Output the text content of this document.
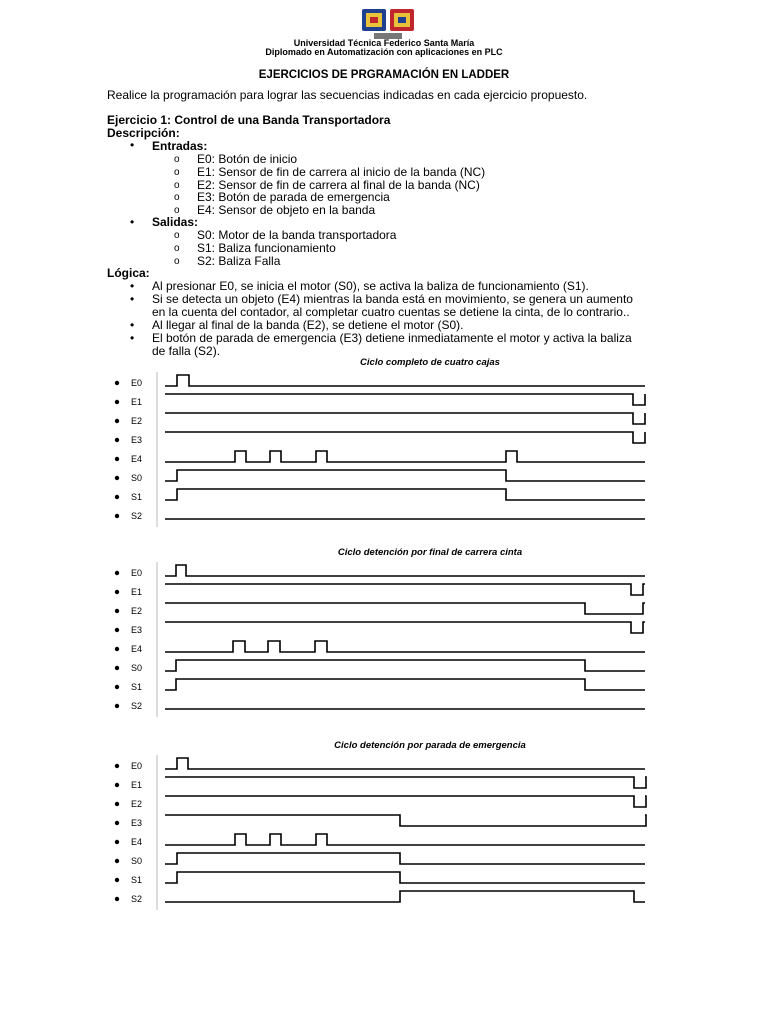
Universidad Técnica Federico Santa María
Diplomado en Automatización con aplicaciones en PLC
EJERCICIOS DE PRGRAMACIÓN EN LADDER
Realice la programación para lograr las secuencias indicadas en cada ejercicio propuesto.
Ejercicio 1: Control de una Banda Transportadora
Descripción:
• Entradas:
o E0: Botón de inicio
o E1: Sensor de fin de carrera al inicio de la banda (NC)
o E2: Sensor de fin de carrera al final de la banda (NC)
o E3: Botón de parada de emergencia
o E4: Sensor de objeto en la banda
• Salidas:
o S0: Motor de la banda transportadora
o S1: Baliza funcionamiento
o S2: Baliza Falla
Lógica:
• Al presionar E0, se inicia el motor (S0), se activa la baliza de funcionamiento (S1).
• Si se detecta un objeto (E4) mientras la banda está en movimiento, se genera un aumento
en la cuenta del contador, al completar cuatro cuentas se detiene la cinta, de lo contrario..
• Al llegar al final de la banda (E2), se detiene el motor (S0).
• El botón de parada de emergencia (E3) detiene inmediatamente el motor y activa la baliza
de falla (S2).
Ciclo completo de cuatro cajas
E0
E1
E2
E3
E4
S0
S1
S2
Ciclo detención por final de carrera cinta
E0
E1
E2
E3
E4
S0
S1
S2
Ciclo detención por parada de emergencia
E0
E1
E2
E3
E4
S0
S1
S2
